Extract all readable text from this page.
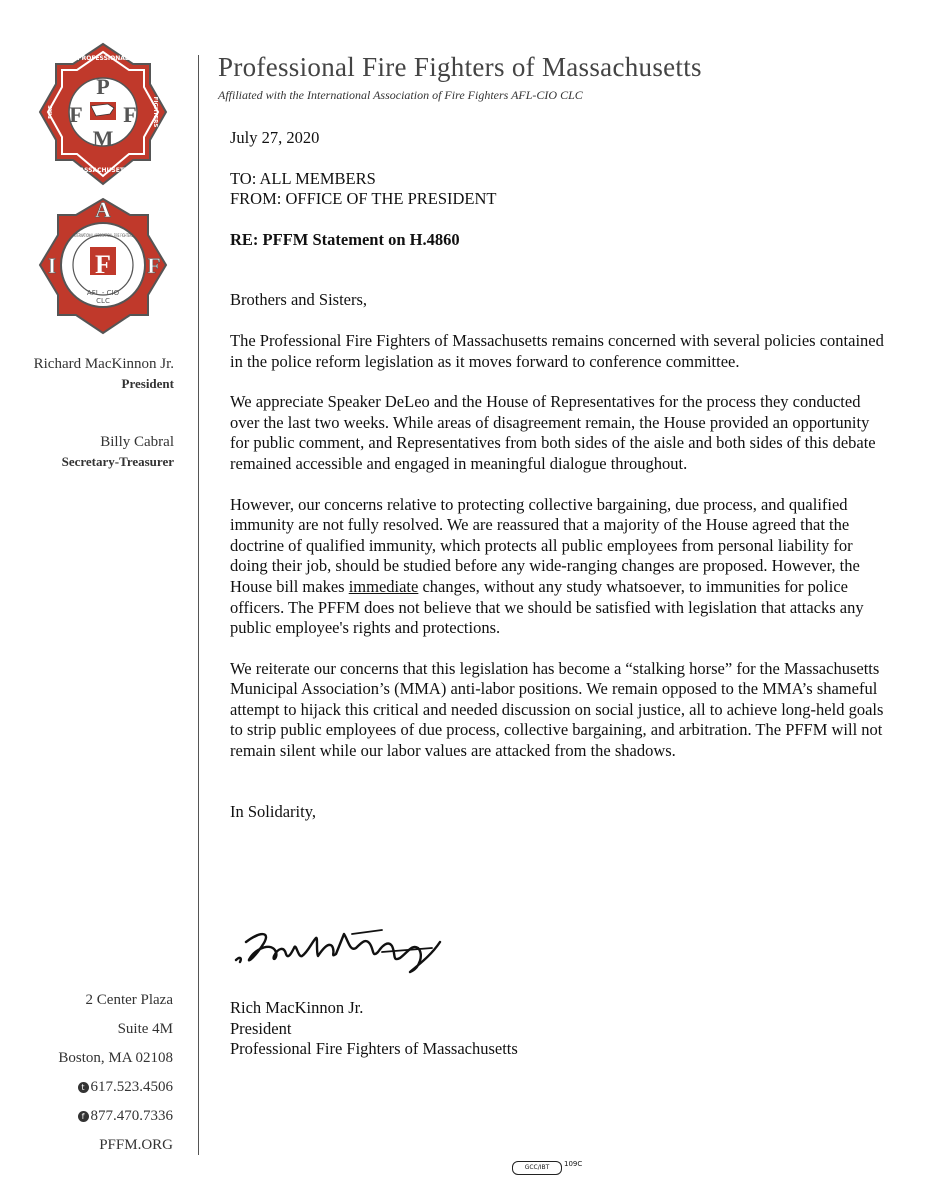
P
F F
M
PROFESSIONAL
MASSACHUSETTS
FIRE	FIGHTERS
A
I F F
INTERNATIONAL ASSOCIATION · FIRE FIGHTERS
AFL - CIO
CLC
Richard MacKinnon Jr.
President
Billy Cabral
Secretary-Treasurer
2 Center Plaza
Suite 4M
Boston, MA 02108
t 617.523.4506
f 877.470.7336
PFFM.ORG
Professional Fire Fighters of Massachusetts
Affiliated with the International Association of Fire Fighters AFL-CIO CLC

July 27, 2020

TO: ALL MEMBERS

FROM: OFFICE OF THE PRESIDENT

RE: PFFM Statement on H.4860

Brothers and Sisters,

The Professional Fire Fighters of Massachusetts remains concerned with several policies contained in the police reform legislation as it moves forward to conference committee.

We appreciate Speaker DeLeo and the House of Representatives for the process they conducted over the last two weeks. While areas of disagreement remain, the House provided an opportunity for public comment, and Representatives from both sides of the aisle and both sides of this debate remained accessible and engaged in meaningful dialogue throughout.

However, our concerns relative to protecting collective bargaining, due process, and qualified immunity are not fully resolved. We are reassured that a majority of the House agreed that the doctrine of qualified immunity, which protects all public employees from personal liability for doing their job, should be studied before any wide-ranging changes are proposed. However, the House bill makes immediate changes, without any study whatsoever, to immunities for police officers. The PFFM does not believe that we should be satisfied with legislation that attacks any public employee's rights and protections.

We reiterate our concerns that this legislation has become a “stalking horse” for the Massachusetts Municipal Association’s (MMA) anti-labor positions. We remain opposed to the MMA’s shameful attempt to hijack this critical and needed discussion on social justice, all to achieve long-held goals to strip public employees of due process, collective bargaining, and arbitration. The PFFM will not remain silent while our labor values are attacked from the shadows.

In Solidarity,

Rich MacKinnon Jr.

President

Professional Fire Fighters of Massachusetts

GCC/IBT 109C
